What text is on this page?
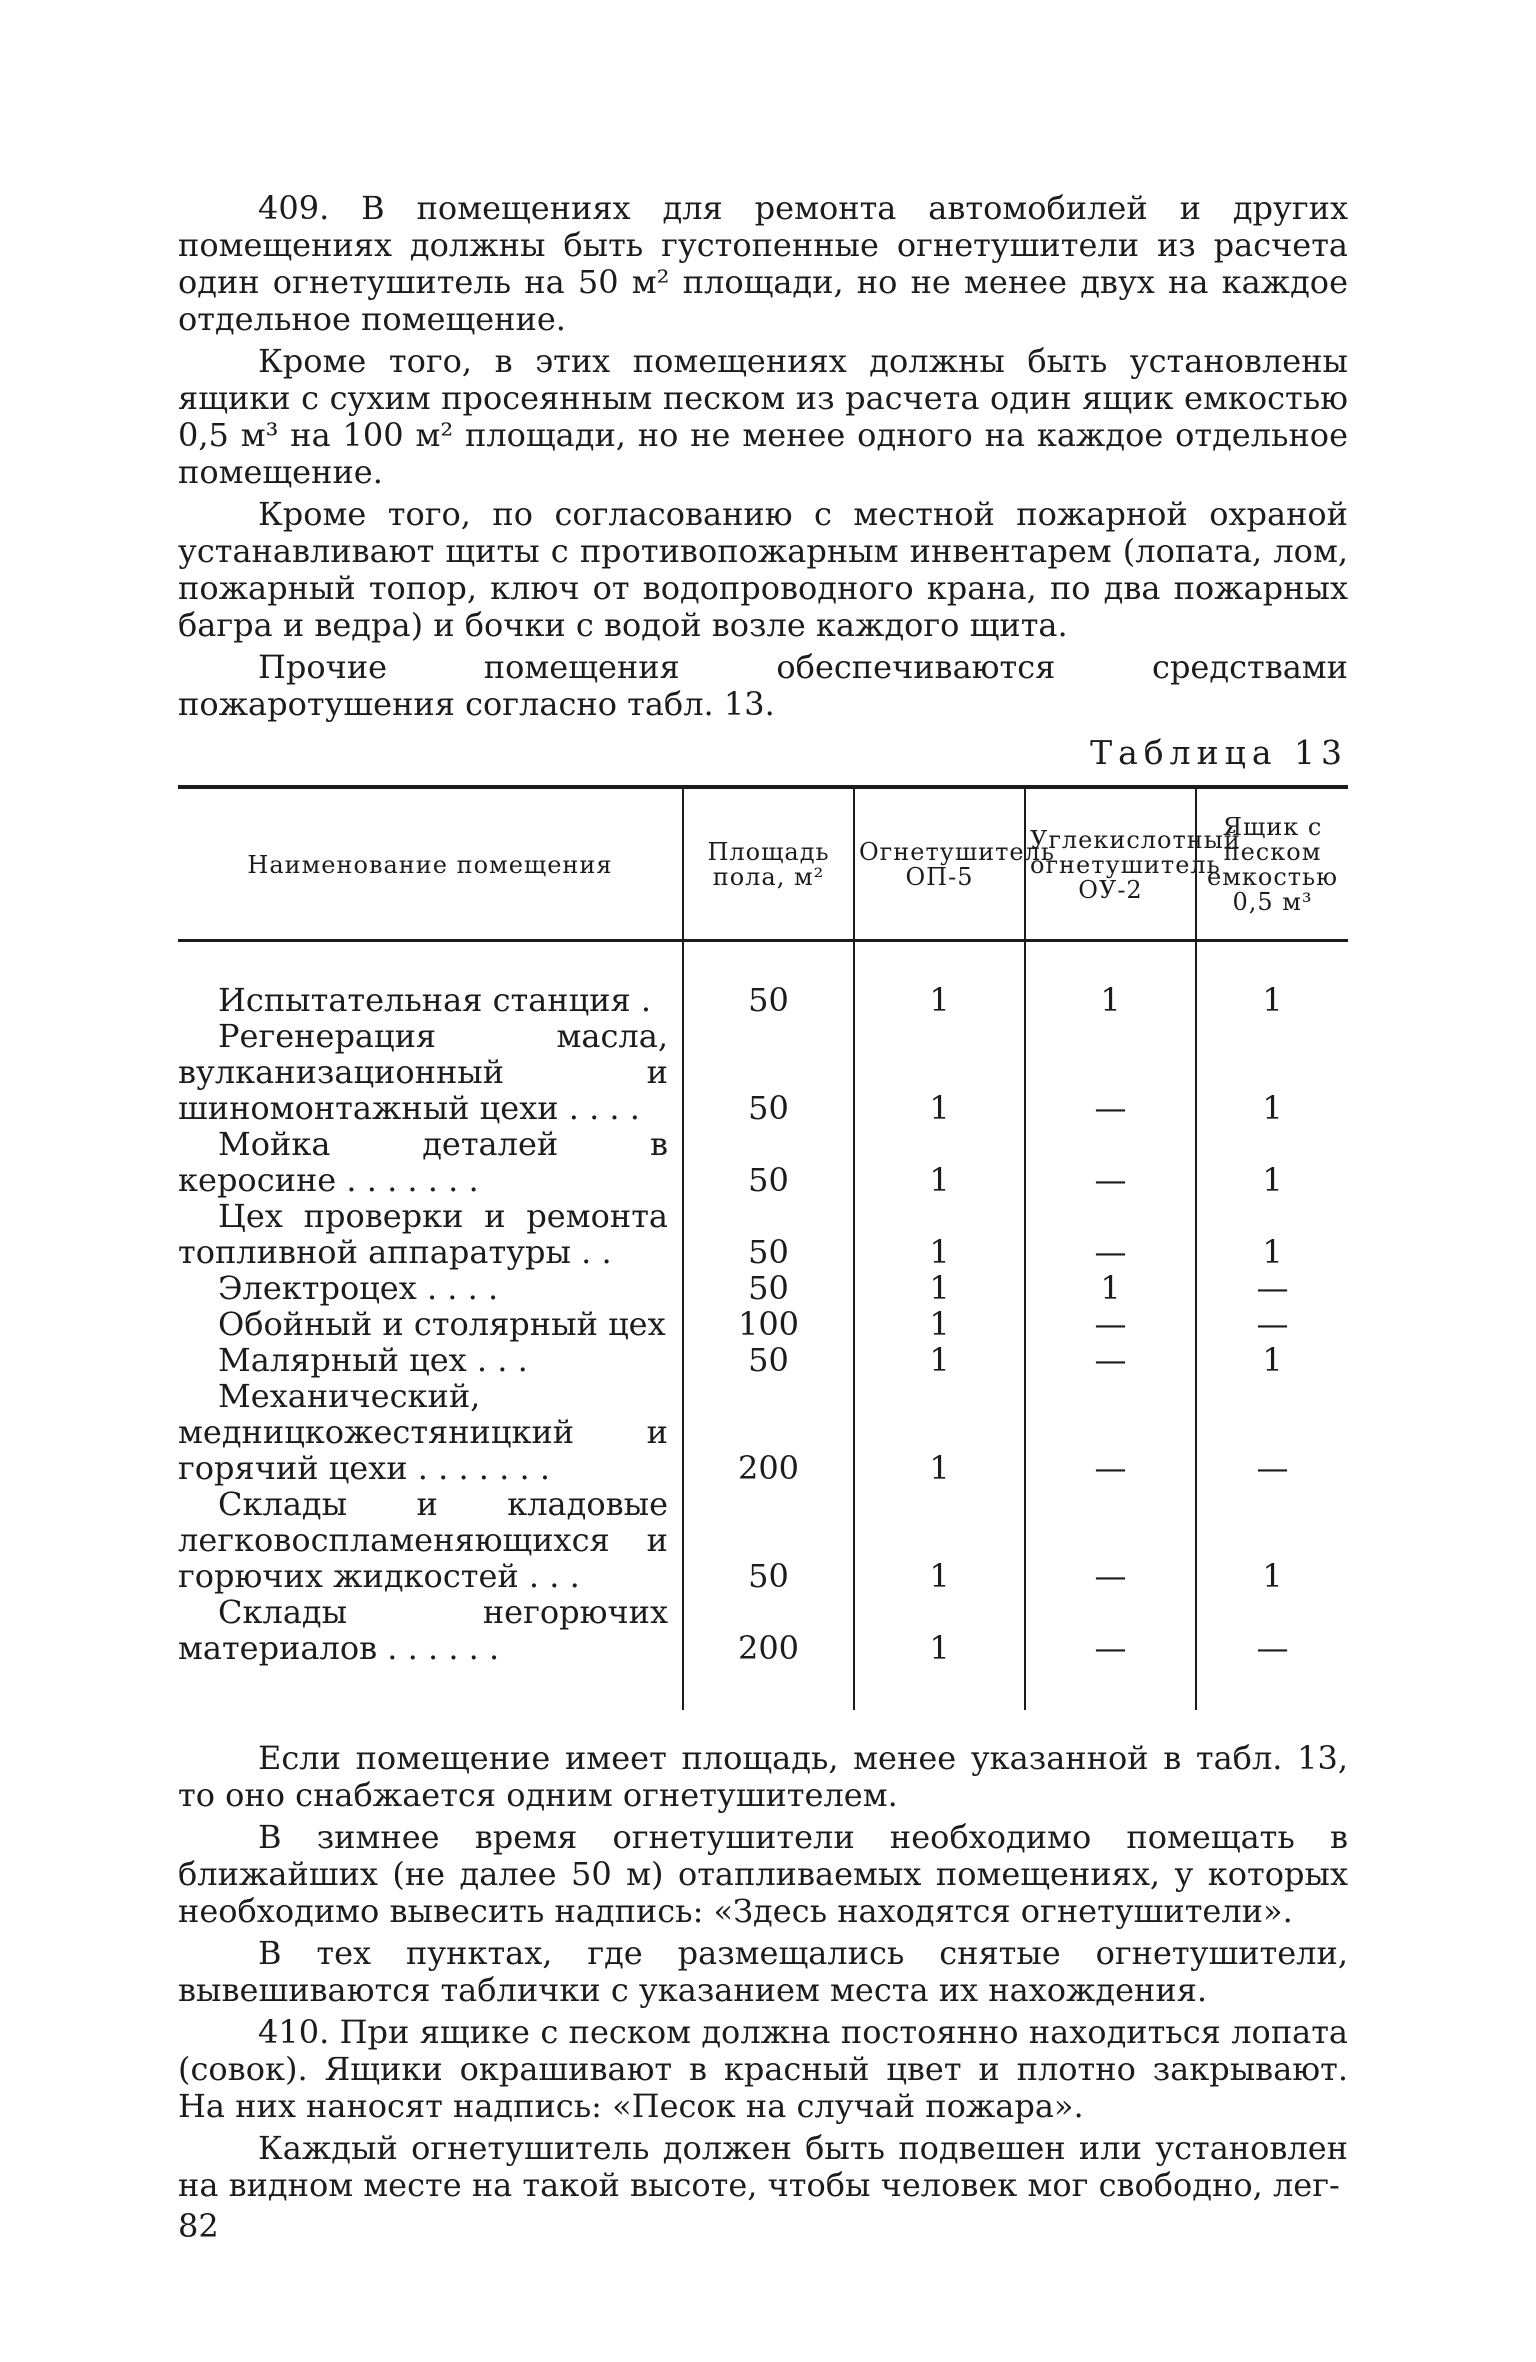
409. В помещениях для ремонта автомобилей и других помещениях должны быть густопенные огнетушители из расчета один огнетушитель на 50 м² площади, но не менее двух на каждое отдельное помещение.

Кроме того, в этих помещениях должны быть установлены ящики с сухим просеянным песком из расчета один ящик емкостью 0,5 м³ на 100 м² площади, но не менее одного на каждое отдельное помещение.

Кроме того, по согласованию с местной пожарной охраной устанавливают щиты с противопожарным инвентарем (лопата, лом, пожарный топор, ключ от водопроводного крана, по два пожарных багра и ведра) и бочки с водой возле каждого щита.

Прочие помещения обеспечиваются средствами пожаротушения согласно табл. 13.

Таблица 13
Наименование помещения	Площадь пола, м²	Огнетушитель ОП-5	Углекислотный огнетушитель ОУ-2	Ящик с песком емкостью 0,5 м³

Испытательная станция .	50	1	1	1

Регенерация масла, вулканизационный и шиномонтажный цехи . . . .	50	1	—	1

Мойка деталей в керосине . . . . . . .	50	1	—	1

Цех проверки и ремонта топливной аппаратуры . .	50	1	—	1

Электроцех . . . .	50	1	1	—

Обойный и столярный цех	100	1	—	—

Малярный цех . . .	50	1	—	1

Механический, медницкожестяницкий и горячий цехи . . . . . . .	200	1	—	—

Склады и кладовые легковоспламеняющихся и горючих жидкостей . . .	50	1	—	1

Склады негорючих материалов . . . . . .	200	1	—	—

Если помещение имеет площадь, менее указанной в табл. 13, то оно снабжается одним огнетушителем.

В зимнее время огнетушители необходимо помещать в ближайших (не далее 50 м) отапливаемых помещениях, у которых необходимо вывесить надпись: «Здесь находятся огнетушители».

В тех пунктах, где размещались снятые огнетушители, вывешиваются таблички с указанием места их нахождения.

410. При ящике с песком должна постоянно находиться лопата (совок). Ящики окрашивают в красный цвет и плотно закрывают. На них наносят надпись: «Песок на случай пожара».

Каждый огнетушитель должен быть подвешен или установлен на видном месте на такой высоте, чтобы человек мог свободно, лег-

82
